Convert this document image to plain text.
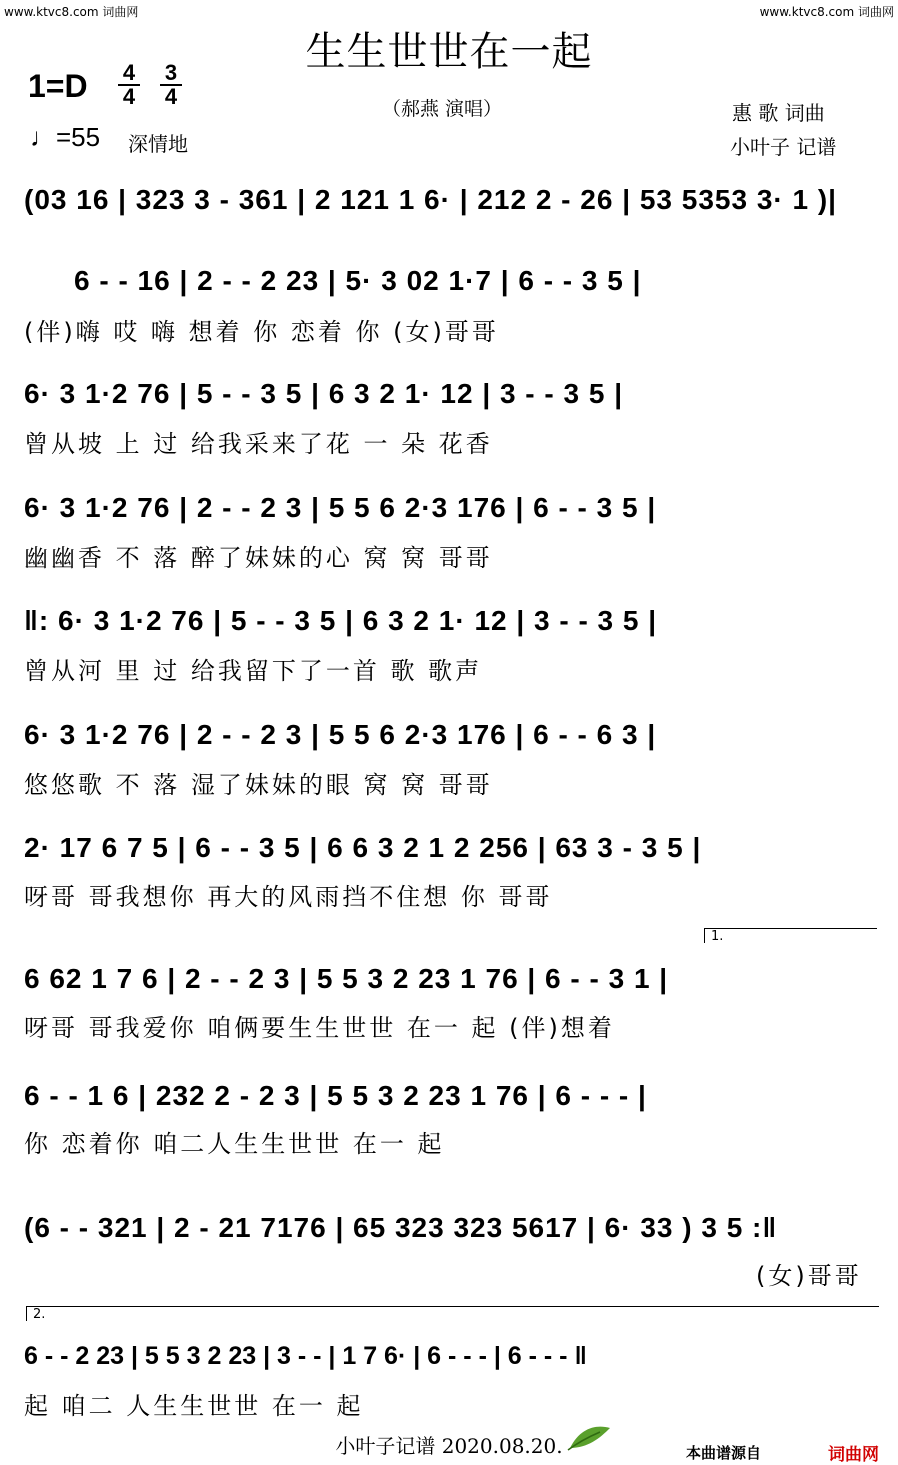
www.ktvc8.com 词曲网	www.ktvc8.com 词曲网
生生世世在一起
1=D 4
4
3
4
♩=55 深情地
（郝燕 演唱）	惠 歌 词曲
小叶子 记谱
(03 16 | 323 3 - 361 | 2 121 1 6· | 212 2 - 26 | 53 5353 3· 1 )|
6 - - 16 | 2 - - 2 23 | 5· 3 02 1·7 | 6 - - 3 5 |
(伴)嗨 哎 嗨 想着 你 恋着 你 (女)哥哥
6· 3 1·2 76 | 5 - - 3 5 | 6 3 2 1· 12 | 3 - - 3 5 |
曾从坡 上 过 给我采来了花 一 朵 花香
6· 3 1·2 76 | 2 - - 2 3 | 5 5 6 2·3 176 | 6 - - 3 5 |
幽幽香 不 落 醉了妹妹的心 窝 窝 哥哥
‖: 6· 3 1·2 76 | 5 - - 3 5 | 6 3 2 1· 12 | 3 - - 3 5 |
曾从河 里 过 给我留下了一首 歌 歌声
6· 3 1·2 76 | 2 - - 2 3 | 5 5 6 2·3 176 | 6 - - 6 3 |
悠悠歌 不 落 湿了妹妹的眼 窝 窝 哥哥
2· 17 6 7 5 | 6 - - 3 5 | 6 6 3 2 1 2 256 | 63 3 - 3 5 |
呀哥 哥我想你 再大的风雨挡不住想 你 哥哥
1.
6 62 1 7 6 | 2 - - 2 3 | 5 5 3 2 23 1 76 | 6 - - 3 1 |
呀哥 哥我爱你 咱俩要生生世世 在一 起 (伴)想着
6 - - 1 6 | 232 2 - 2 3 | 5 5 3 2 23 1 76 | 6 - - - |
你 恋着你 咱二人生生世世 在一 起
(6 - - 321 | 2 - 21 7176 | 65 323 323 5617 | 6· 33 ) 3 5 :‖
(女)哥哥
2.
6 - - 2 23 | 5 5 3 2 23 | 3 - - | 1 7 6· | 6 - - - | 6 - - - ‖
起 咱二 人生生世世 在一 起
小叶子记谱 2020.08.20.	本曲谱源自	词曲网
